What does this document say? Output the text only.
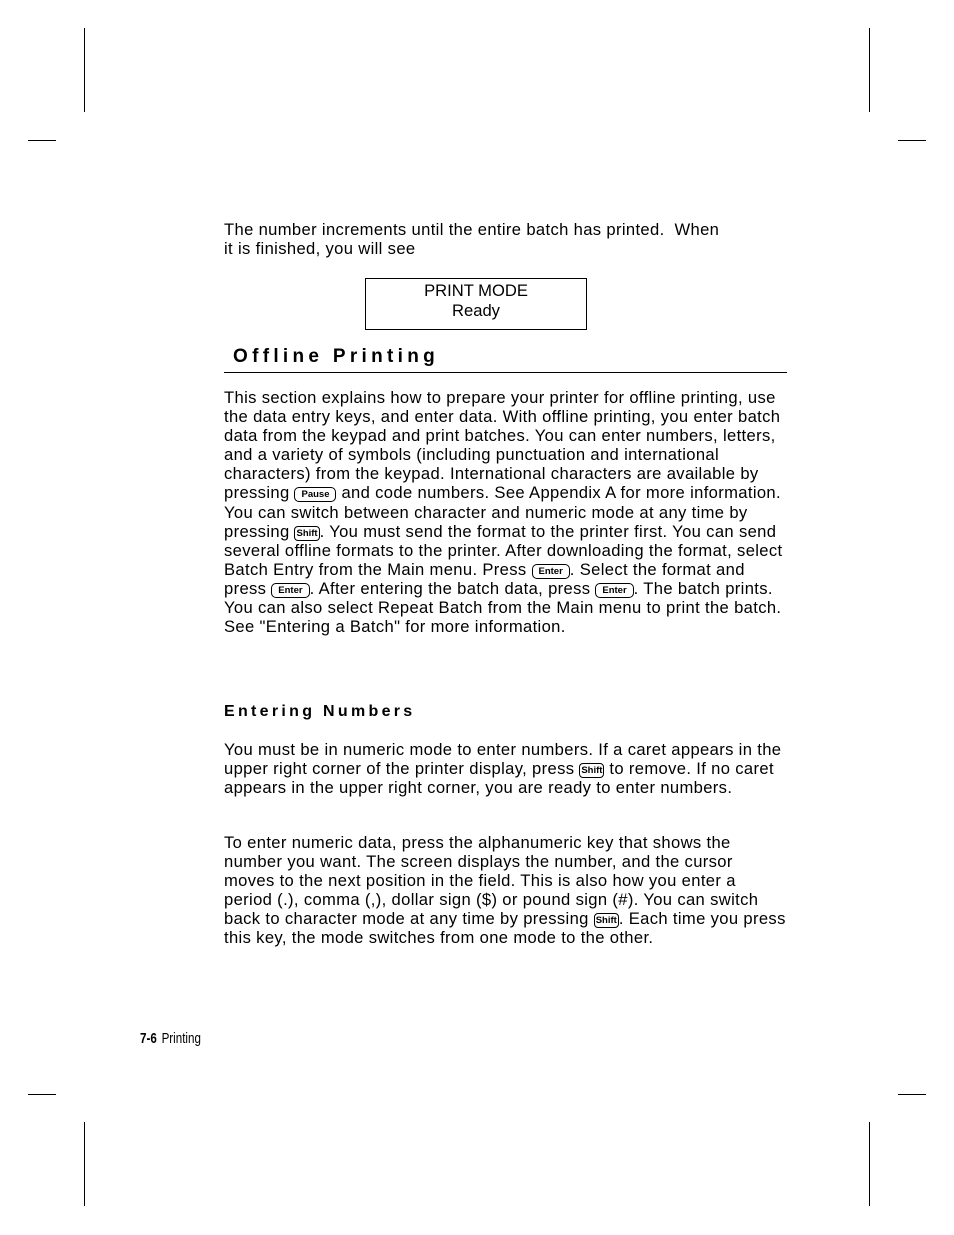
The number increments until the entire batch has printed.  When
it is finished, you will see

PRINT MODE
Ready
Offline Printing

This section explains how to prepare your printer for offline printing, use the data entry keys, and enter data. With offline printing, you enter batch data from the keypad and print batches. You can enter numbers, letters, and a variety of symbols (including punctuation and international characters) from the keypad. International characters are available by pressing Pause and code numbers. See Appendix A for more information. You can switch between character and numeric mode at any time by pressing Shift . You must send the format to the printer first. You can send several offline formats to the printer. After downloading the format, select Batch Entry from the Main menu. Press Enter . Select the format and press Enter . After entering the batch data, press Enter . The batch prints. You can also select Repeat Batch from the Main menu to print the batch. See "Entering a Batch" for more information.

Entering Numbers

You must be in numeric mode to enter numbers. If a caret appears in the upper right corner of the printer display, press Shift to remove. If no caret appears in the upper right corner, you are ready to enter numbers.

To enter numeric data, press the alphanumeric key that shows the number you want. The screen displays the number, and the cursor moves to the next position in the field. This is also how you enter a period (.), comma (,), dollar sign ($) or pound sign (#). You can switch back to character mode at any time by pressing Shift . Each time you press this key, the mode switches from one mode to the other.

7-6 Printing
